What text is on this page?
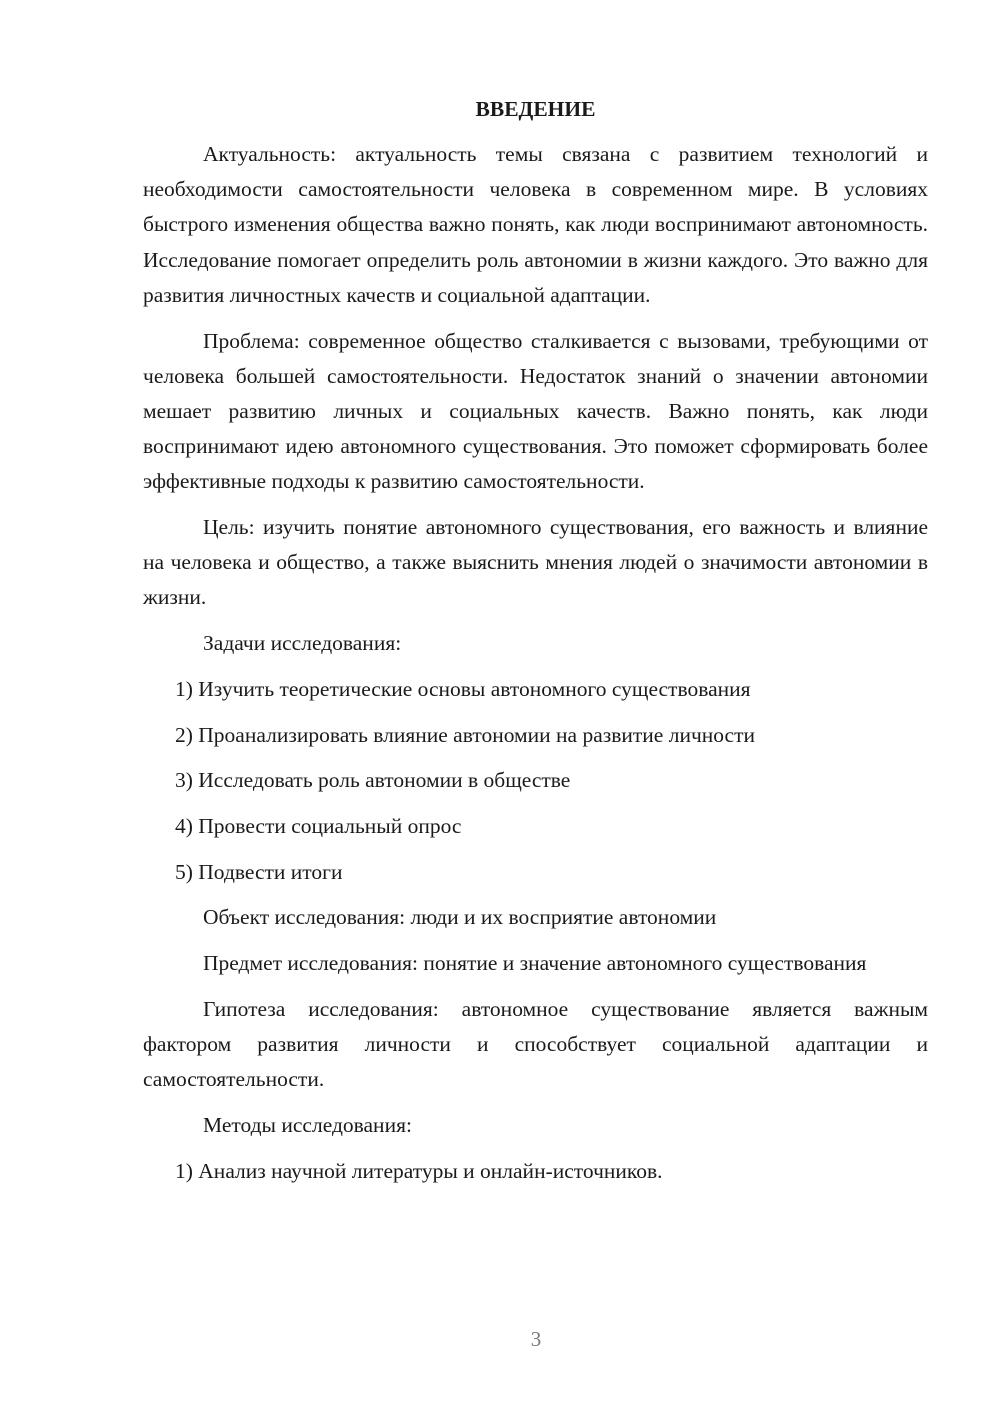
ВВЕДЕНИЕ

Актуальность: актуальность темы связана с развитием технологий и необходимости самостоятельности человека в современном мире. В условиях быстрого изменения общества важно понять, как люди воспринимают автономность. Исследование помогает определить роль автономии в жизни каждого. Это важно для развития личностных качеств и социальной адаптации.

Проблема: современное общество сталкивается с вызовами, требующими от человека большей самостоятельности. Недостаток знаний о значении автономии мешает развитию личных и социальных качеств. Важно понять, как люди воспринимают идею автономного существования. Это поможет сформировать более эффективные подходы к развитию самостоятельности.

Цель: изучить понятие автономного существования, его важность и влияние на человека и общество, а также выяснить мнения людей о значимости автономии в жизни.

Задачи исследования:

1) Изучить теоретические основы автономного существования

2) Проанализировать влияние автономии на развитие личности

3) Исследовать роль автономии в обществе

4) Провести социальный опрос

5) Подвести итоги

Объект исследования: люди и их восприятие автономии

Предмет исследования: понятие и значение автономного существования

Гипотеза исследования: автономное существование является важным фактором развития личности и способствует социальной адаптации и самостоятельности.

Методы исследования:

1) Анализ научной литературы и онлайн-источников.

3
